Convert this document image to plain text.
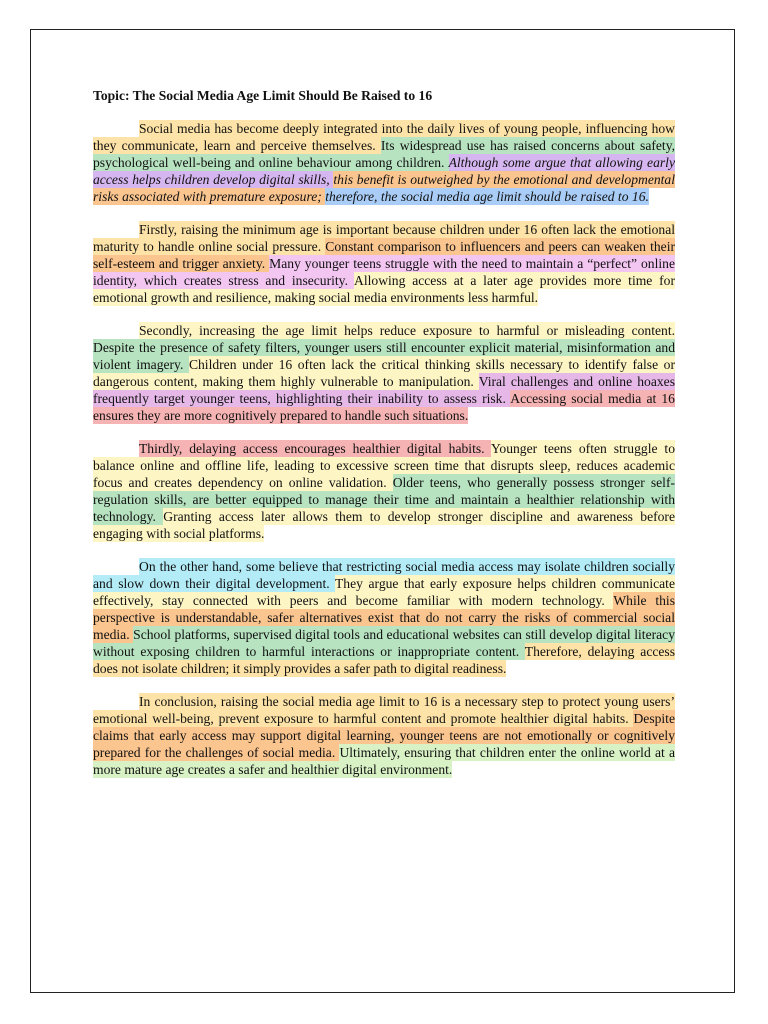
Topic: The Social Media Age Limit Should Be Raised to 16

Social media has become deeply integrated into the daily lives of young people, influencing how they communicate, learn and perceive themselves. Its widespread use has raised concerns about safety, psychological well-being and online behaviour among children. Although some argue that allowing early access helps children develop digital skills, this benefit is outweighed by the emotional and developmental risks associated with premature exposure; therefore, the social media age limit should be raised to 16.

Firstly, raising the minimum age is important because children under 16 often lack the emotional maturity to handle online social pressure. Constant comparison to influencers and peers can weaken their self-esteem and trigger anxiety. Many younger teens struggle with the need to maintain a “perfect” online identity, which creates stress and insecurity. Allowing access at a later age provides more time for emotional growth and resilience, making social media environments less harmful.

Secondly, increasing the age limit helps reduce exposure to harmful or misleading content. Despite the presence of safety filters, younger users still encounter explicit material, misinformation and violent imagery. Children under 16 often lack the critical thinking skills necessary to identify false or dangerous content, making them highly vulnerable to manipulation. Viral challenges and online hoaxes frequently target younger teens, highlighting their inability to assess risk. Accessing social media at 16 ensures they are more cognitively prepared to handle such situations.

Thirdly, delaying access encourages healthier digital habits. Younger teens often struggle to balance online and offline life, leading to excessive screen time that disrupts sleep, reduces academic focus and creates dependency on online validation. Older teens, who generally possess stronger self-regulation skills, are better equipped to manage their time and maintain a healthier relationship with technology. Granting access later allows them to develop stronger discipline and awareness before engaging with social platforms.

On the other hand, some believe that restricting social media access may isolate children socially and slow down their digital development. They argue that early exposure helps children communicate effectively, stay connected with peers and become familiar with modern technology. While this perspective is understandable, safer alternatives exist that do not carry the risks of commercial social media. School platforms, supervised digital tools and educational websites can still develop digital literacy without exposing children to harmful interactions or inappropriate content. Therefore, delaying access does not isolate children; it simply provides a safer path to digital readiness.

In conclusion, raising the social media age limit to 16 is a necessary step to protect young users’ emotional well-being, prevent exposure to harmful content and promote healthier digital habits. Despite claims that early access may support digital learning, younger teens are not emotionally or cognitively prepared for the challenges of social media. Ultimately, ensuring that children enter the online world at a more mature age creates a safer and healthier digital environment.
